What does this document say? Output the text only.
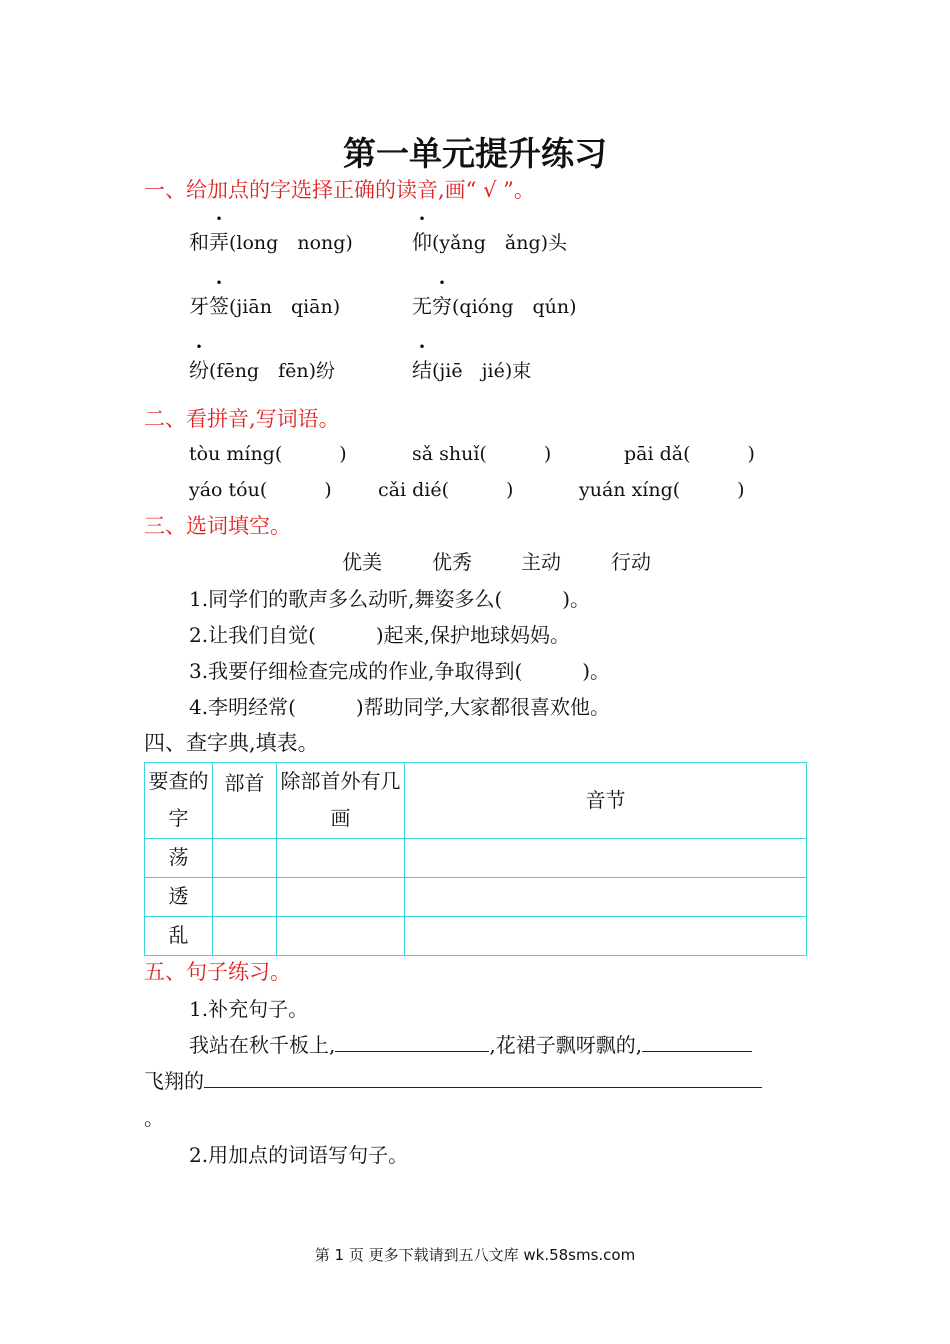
第一单元提升练习
一、给加点的字选择正确的读音,画“ √ ”。
和弄(long　nong)	仰(yǎng　ǎng)头
牙签(jiān　qiān)	无穷(qióng　qún)
纷(fēng　fēn)纷	结(jiē　jié)束
二、看拼音,写词语。
tòu míng(　　　)	sǎ shuǐ(　　　)	pāi dǎ(　　　)
yáo tóu(　　　) cǎi dié(　　　)	yuán xíng(　　　)
三、选词填空。
优美	优秀 主动	行动
1.同学们的歌声多么动听,舞姿多么(　　　)。
2.让我们自觉(　　　)起来,保护地球妈妈。
3.我要仔细检查完成的作业,争取得到(　　　)。
4.李明经常(　　　)帮助同学,大家都很喜欢他。
四、查字典,填表。
要查的字	部首	除部首外有几画	音节
荡			
透			
乱			
五、句子练习。
1.补充句子。
我站在秋千板上,	,花裙子飘呀飘的,
飞翔的
。
2.用加点的词语写句子。
第 1 页 更多下载请到五八文库 wk.58sms.com
